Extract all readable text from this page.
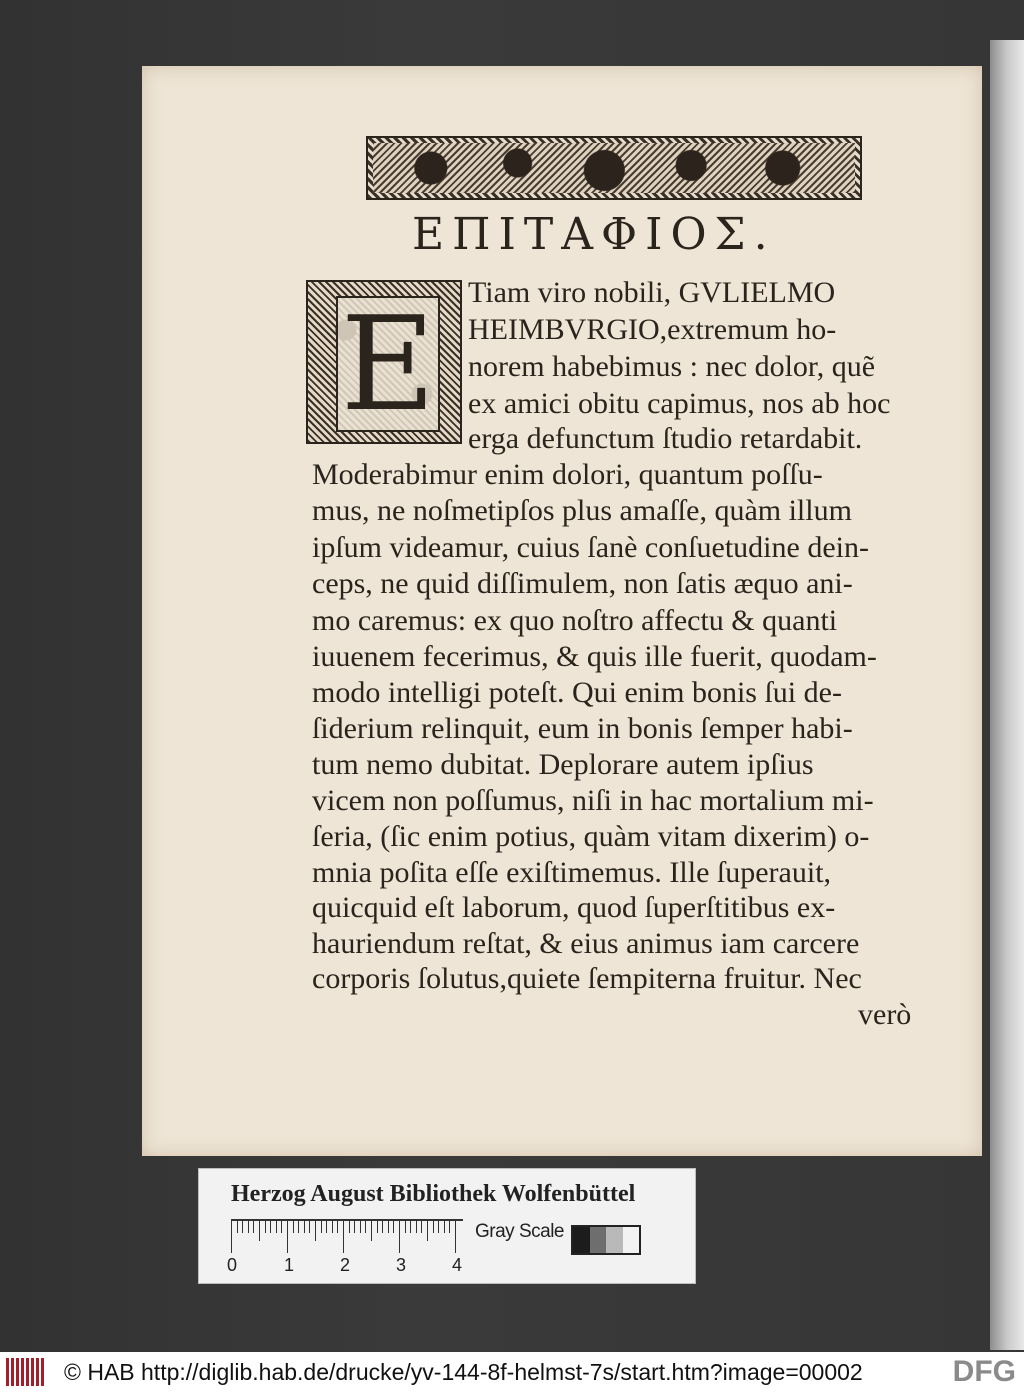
ΕΠΙΤΑΦΙΟΣ.
E Tiam viro nobili, GVLIELMO

HEIMBVRGIO,extremum ho-

norem habebimus : nec dolor, quẽ

ex amici obitu capimus, nos ab hoc

erga defunctum ſtudio retardabit.

Moderabimur enim dolori, quantum poſſu-

mus, ne noſmetipſos plus amaſſe, quàm illum

ipſum videamur, cuius ſanè conſuetudine dein-

ceps, ne quid diſſimulem, non ſatis æquo ani-

mo caremus: ex quo noſtro affectu & quanti

iuuenem fecerimus, & quis ille fuerit, quodam-

modo intelligi poteſt. Qui enim bonis ſui de-

ſiderium relinquit, eum in bonis ſemper habi-

tum nemo dubitat. Deplorare autem ipſius

vicem non poſſumus, niſi in hac mortalium mi-

ſeria, (ſic enim potius, quàm vitam dixerim) o-

mnia poſita eſſe exiſtimemus. Ille ſuperauit,

quicquid eſt laborum, quod ſuperſtitibus ex-

hauriendum reſtat, & eius animus iam carcere

corporis ſolutus,quiete ſempiterna fruitur. Nec

verò

Herzog August Bibliothek Wolfenbüttel

0	1	2	3	4

Gray Scale

© HAB http://diglib.hab.de/drucke/yv-144-8f-helmst-7s/start.htm?image=00002	DFG
